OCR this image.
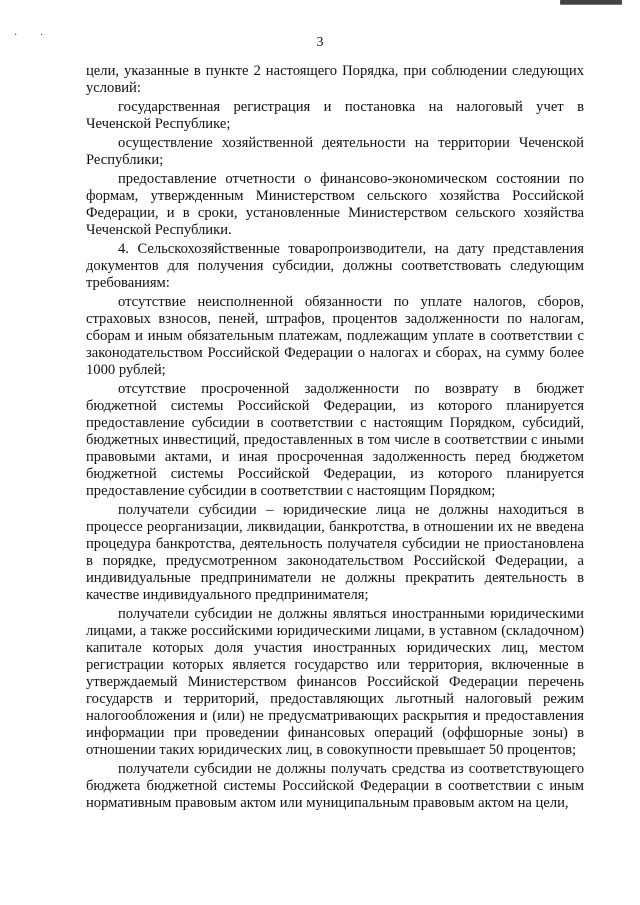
· ·	3

цели, указанные в пункте 2 настоящего Порядка, при соблюдении следующих условий:

государственная регистрация и постановка на налоговый учет в Чеченской Республике;

осуществление хозяйственной деятельности на территории Чеченской Республики;

предоставление отчетности о финансово-экономическом состоянии по формам, утвержденным Министерством сельского хозяйства Российской Федерации, и в сроки, установленные Министерством сельского хозяйства Чеченской Республики.

4. Сельскохозяйственные товаропроизводители, на дату представления документов для получения субсидии, должны соответствовать следующим требованиям:

отсутствие неисполненной обязанности по уплате налогов, сборов, страховых взносов, пеней, штрафов, процентов задолженности по налогам, сборам и иным обязательным платежам, подлежащим уплате в соответствии с законодательством Российской Федерации о налогах и сборах, на сумму более 1000 рублей;

отсутствие просроченной задолженности по возврату в бюджет бюджетной системы Российской Федерации, из которого планируется предоставление субсидии в соответствии с настоящим Порядком, субсидий, бюджетных инвестиций, предоставленных в том числе в соответствии с иными правовыми актами, и иная просроченная задолженность перед бюджетом бюджетной системы Российской Федерации, из которого планируется предоставление субсидии в соответствии с настоящим Порядком;

получатели субсидии – юридические лица не должны находиться в процессе реорганизации, ликвидации, банкротства, в отношении их не введена процедура банкротства, деятельность получателя субсидии не приостановлена в порядке, предусмотренном законодательством Российской Федерации, а индивидуальные предприниматели не должны прекратить деятельность в качестве индивидуального предпринимателя;

получатели субсидии не должны являться иностранными юридическими лицами, а также российскими юридическими лицами, в уставном (складочном) капитале которых доля участия иностранных юридических лиц, местом регистрации которых является государство или территория, включенные в утверждаемый Министерством финансов Российской Федерации перечень государств и территорий, предоставляющих льготный налоговый режим налогообложения и (или) не предусматривающих раскрытия и предоставления информации при проведении финансовых операций (оффшорные зоны) в отношении таких юридических лиц, в совокупности превышает 50 процентов;

получатели субсидии не должны получать средства из соответствующего бюджета бюджетной системы Российской Федерации в соответствии с иным нормативным правовым актом или муниципальным правовым актом на цели,
